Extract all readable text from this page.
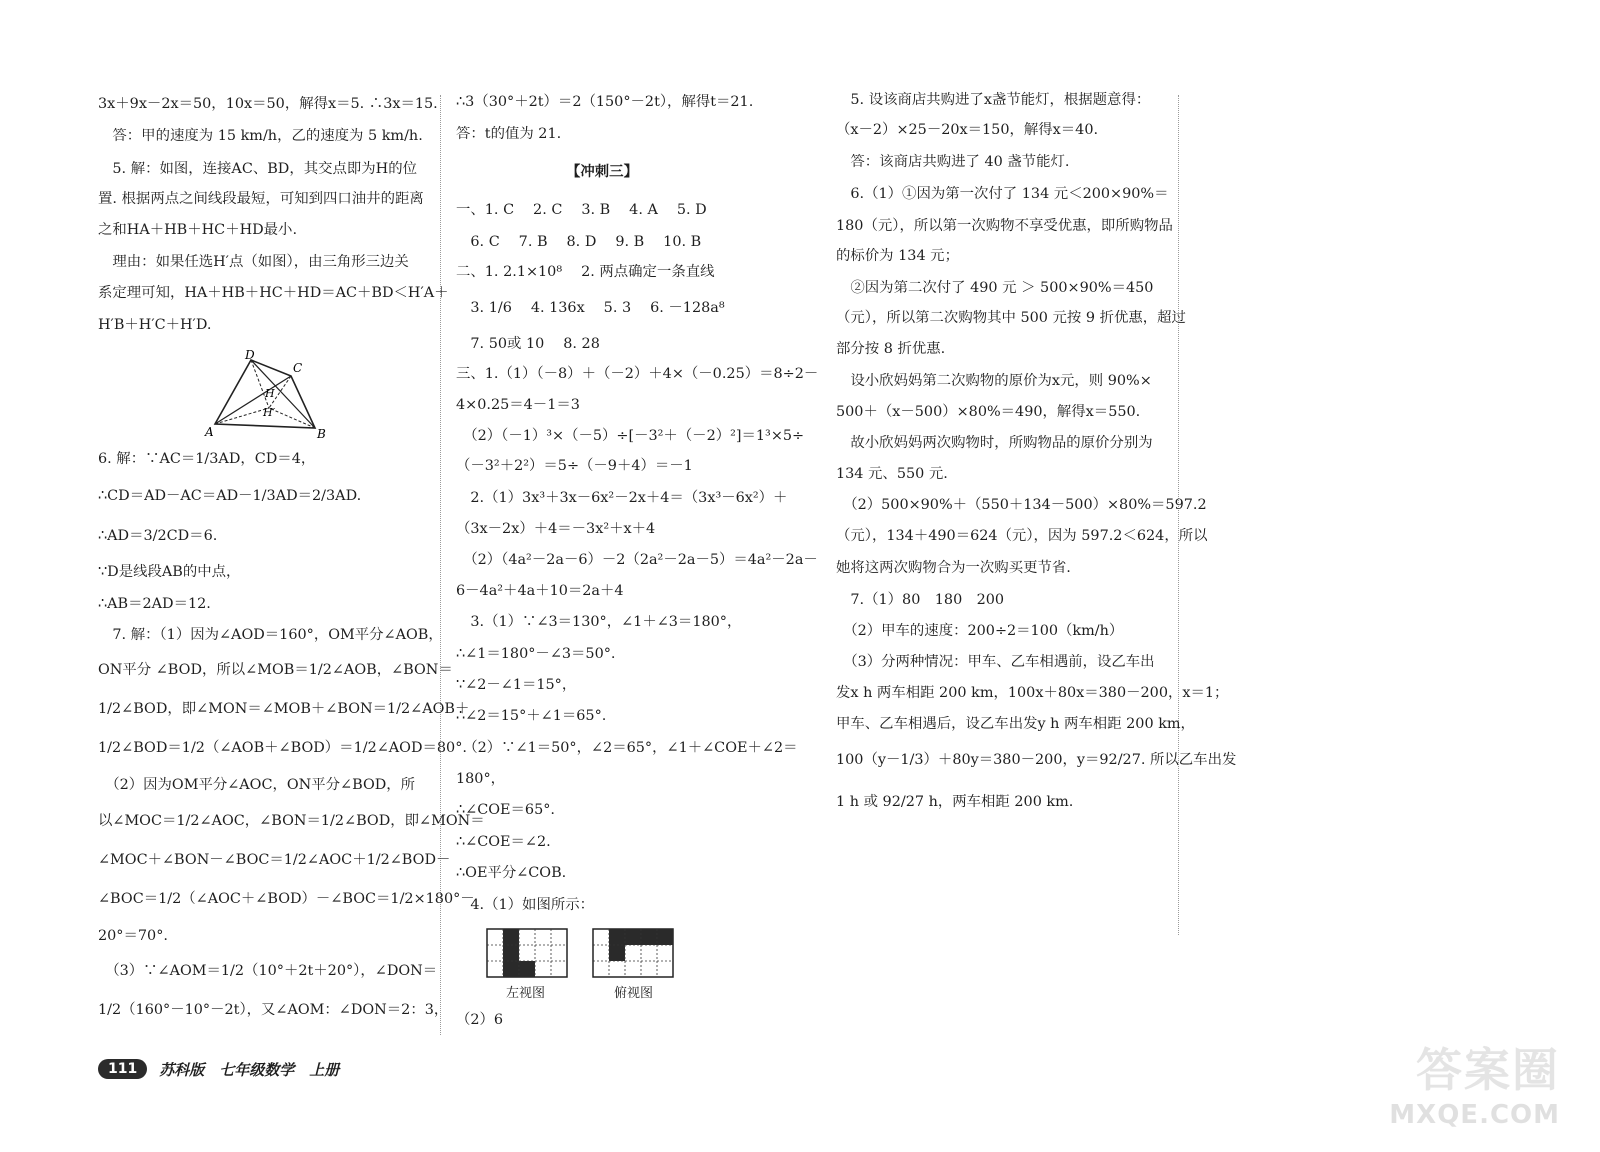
3x＋9x－2x＝50，10x＝50，解得x＝5. ∴3x＝15.
　答：甲的速度为 15 km/h，乙的速度为 5 km/h.
　5. 解：如图，连接AC、BD，其交点即为H的位
置. 根据两点之间线段最短，可知到四口油井的距离
之和HA＋HB＋HC＋HD最小.
　理由：如果任选H′点（如图），由三角形三边关
系定理可知，HA＋HB＋HC＋HD＝AC＋BD＜H′A＋
H′B＋H′C＋H′D.
D
C
H
H′
A	B
6. 解：∵AC＝1/3AD，CD＝4，
∴CD＝AD－AC＝AD－1/3AD＝2/3AD.
∴AD＝3/2CD＝6.
∵D是线段AB的中点，
∴AB＝2AD＝12.
　7. 解：（1）因为∠AOD＝160°，OM平分∠AOB，
ON平分 ∠BOD，所以∠MOB＝1/2∠AOB，∠BON＝
1/2∠BOD，即∠MON＝∠MOB＋∠BON＝1/2∠AOB＋
1/2∠BOD＝1/2（∠AOB＋∠BOD）＝1/2∠AOD＝80°.
　（2）因为OM平分∠AOC，ON平分∠BOD，所
以∠MOC＝1/2∠AOC，∠BON＝1/2∠BOD，即∠MON＝
∠MOC＋∠BON－∠BOC＝1/2∠AOC＋1/2∠BOD－
∠BOC＝1/2（∠AOC＋∠BOD）－∠BOC＝1/2×180°－
20°＝70°.
　（3）∵∠AOM＝1/2（10°＋2t＋20°），∠DON＝
1/2（160°－10°－2t），又∠AOM：∠DON＝2：3，
∴3（30°＋2t）＝2（150°－2t），解得t＝21.
答：t的值为 21.
【冲刺三】
一、1. C　 2. C　 3. B　 4. A　 5. D
　6. C　 7. B　 8. D　 9. B　 10. B
二、1. 2.1×10⁸　 2. 两点确定一条直线
　3. 1/6　 4. 136x　 5. 3　 6. －128a⁸
　7. 50或 10　 8. 28
三、1.（1）（－8）＋（－2）＋4×（－0.25）＝8÷2－
4×0.25＝4－1＝3
　（2）（－1）³×（－5）÷[－3²＋（－2）²]＝1³×5÷
（－3²＋2²）＝5÷（－9＋4）＝－1
　2.（1）3x³＋3x－6x²－2x＋4＝（3x³－6x²）＋
（3x－2x）＋4＝－3x²＋x＋4
　（2）（4a²－2a－6）－2（2a²－2a－5）＝4a²－2a－
6－4a²＋4a＋10＝2a＋4
　3.（1）∵∠3＝130°，∠1＋∠3＝180°，
∴∠1＝180°－∠3＝50°.
∵∠2－∠1＝15°，
∴∠2＝15°＋∠1＝65°.
　（2）∵∠1＝50°，∠2＝65°，∠1＋∠COE＋∠2＝
180°，
∴∠COE＝65°.
∴∠COE＝∠2.
∴OE平分∠COB.
　4.（1）如图所示：
左视图	俯视图
（2）6
　5. 设该商店共购进了x盏节能灯，根据题意得：
（x－2）×25－20x＝150，解得x＝40.
　答：该商店共购进了 40 盏节能灯.
　6.（1）①因为第一次付了 134 元＜200×90%＝
180（元），所以第一次购物不享受优惠，即所购物品
的标价为 134 元；
　②因为第二次付了 490 元 ＞ 500×90%＝450
（元），所以第二次购物其中 500 元按 9 折优惠，超过
部分按 8 折优惠.
　设小欣妈妈第二次购物的原价为x元，则 90%×
500＋（x－500）×80%＝490，解得x＝550.
　故小欣妈妈两次购物时，所购物品的原价分别为
134 元、550 元.
　（2）500×90%＋（550＋134－500）×80%＝597.2
（元），134＋490＝624（元），因为 597.2＜624，所以
她将这两次购物合为一次购买更节省.
　7.（1）80　180　200
　（2）甲车的速度：200÷2＝100（km/h）
　（3）分两种情况：甲车、乙车相遇前，设乙车出
发x h 两车相距 200 km，100x＋80x＝380－200，x＝1；
甲车、乙车相遇后，设乙车出发y h 两车相距 200 km，
100（y－1/3）＋80y＝380－200，y＝92/27. 所以乙车出发
1 h 或 92/27 h，两车相距 200 km.
111	苏科版　七年级数学　上册	答案圈
MXQE.COM
